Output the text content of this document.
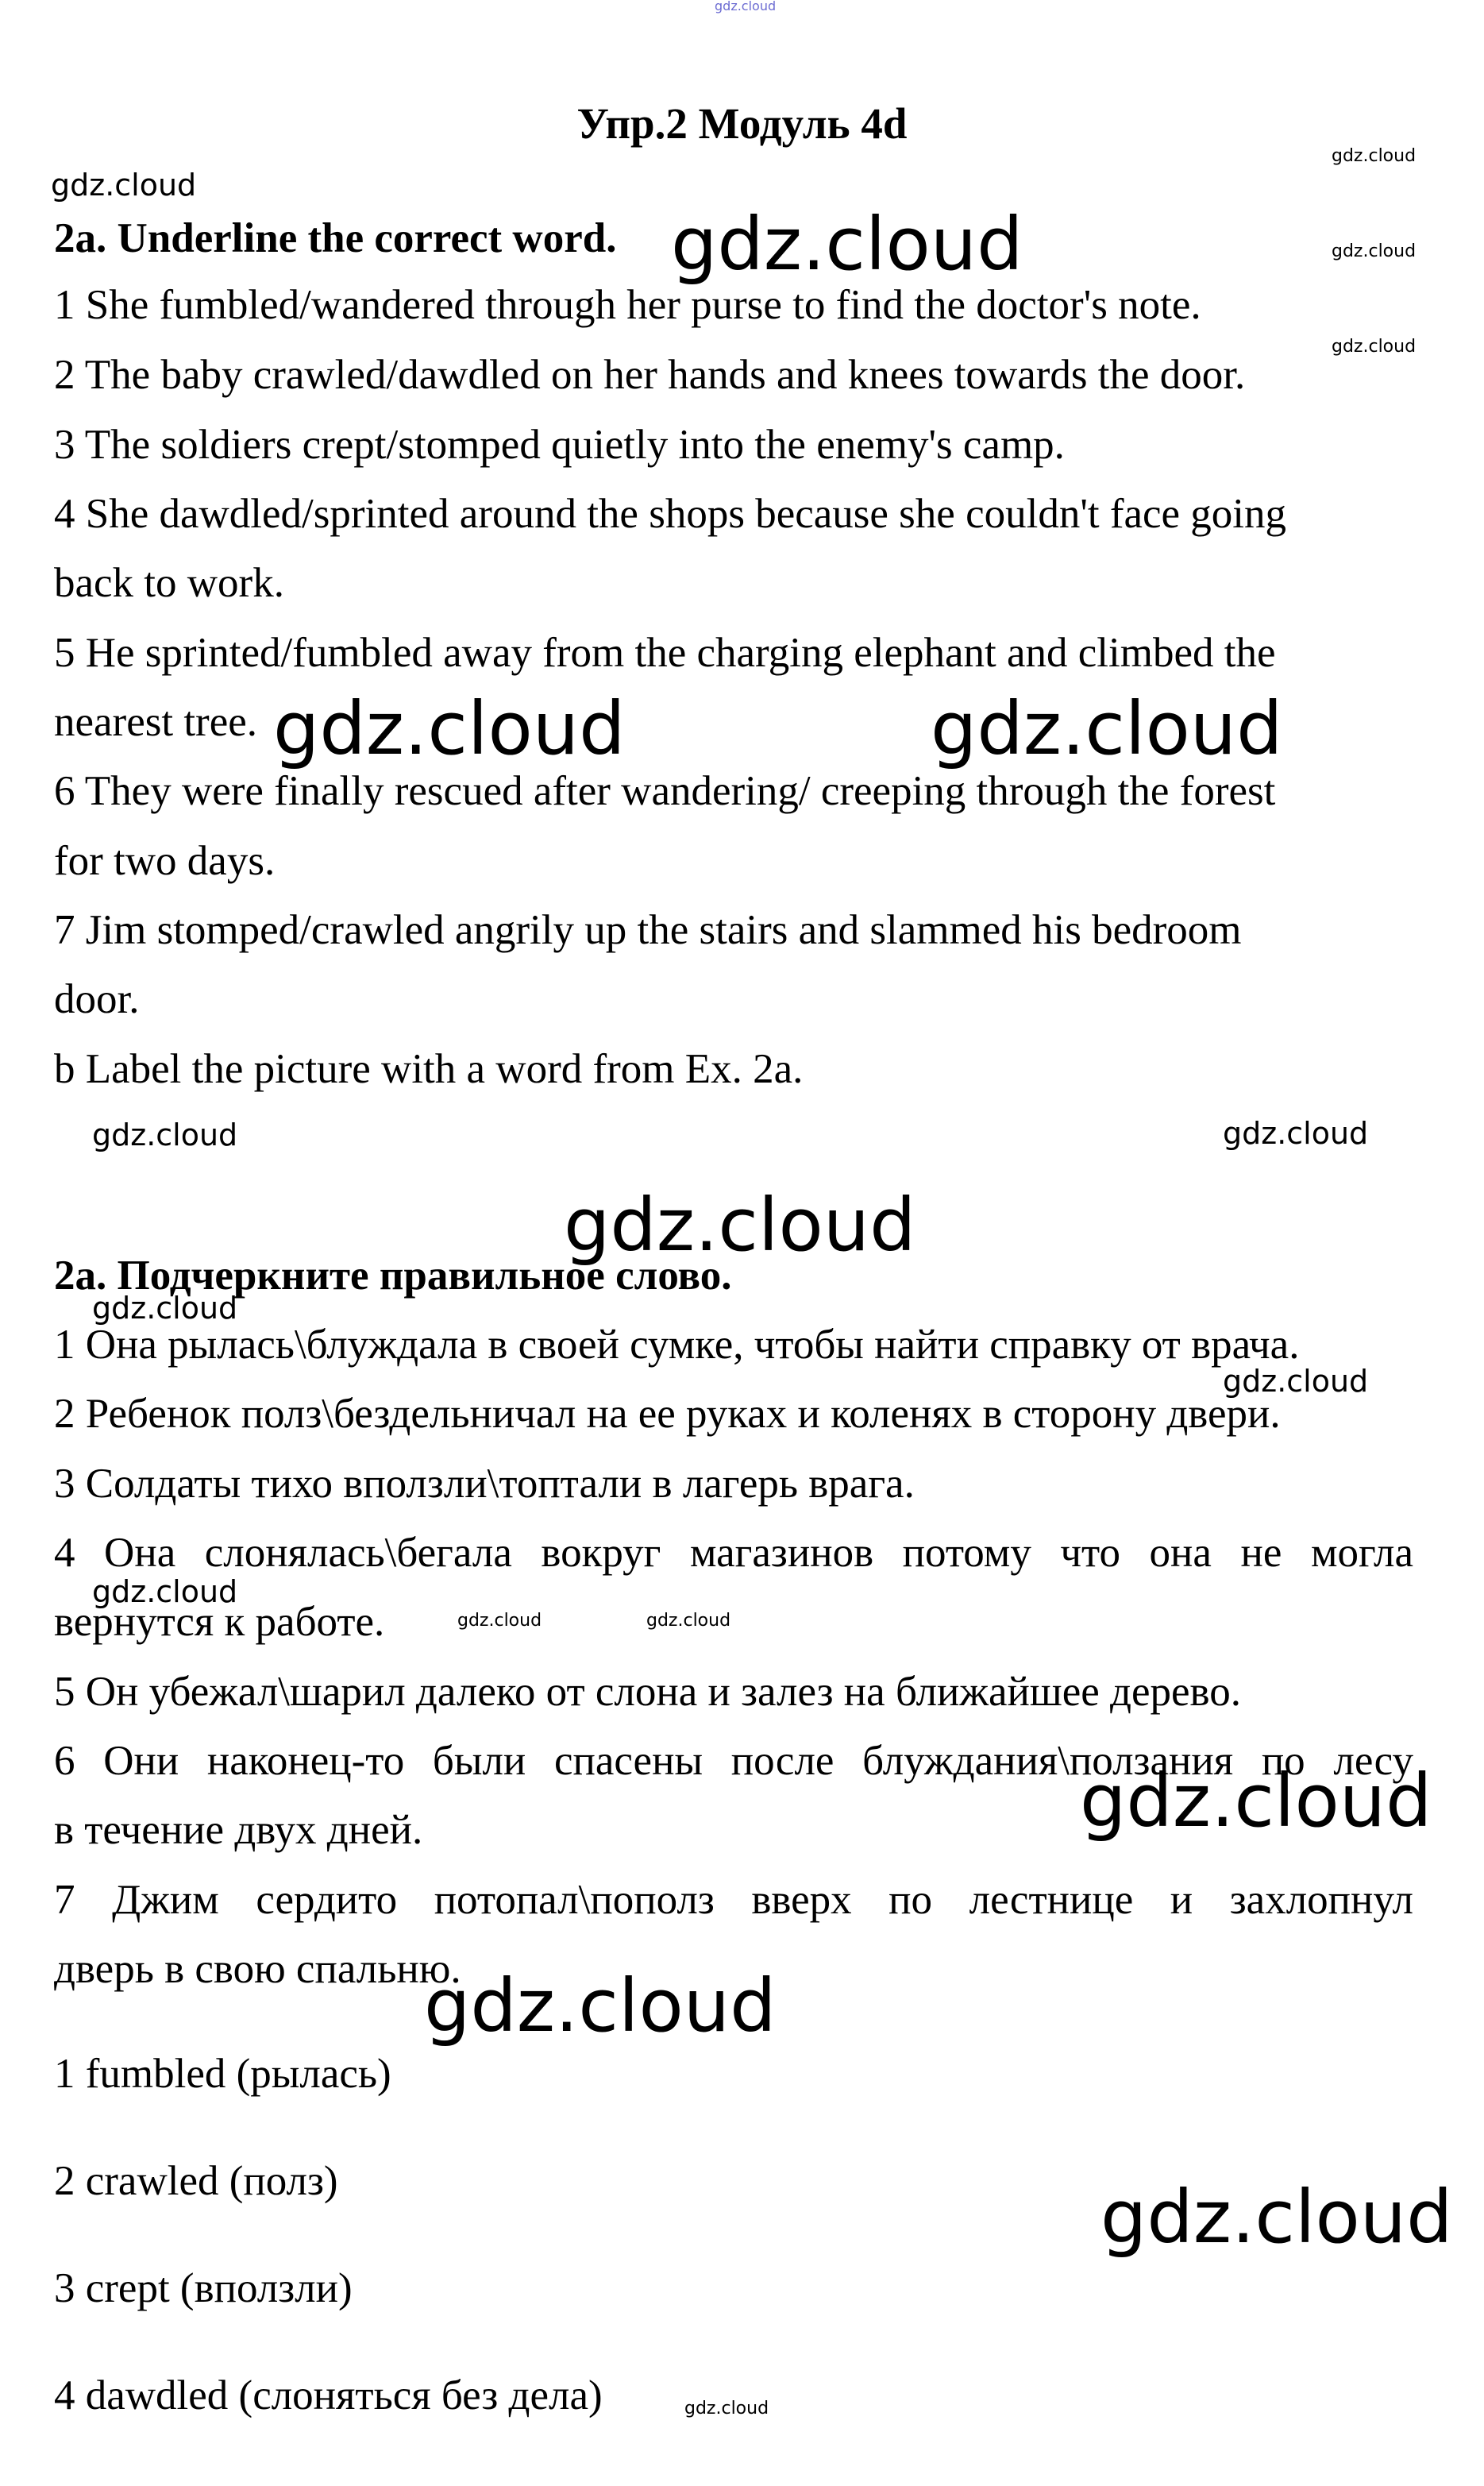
Упр.2 Модуль 4d
2a. Underline the correct word.
1 She fumbled/wandered through her purse to find the doctor's note.
2 The baby crawled/dawdled on her hands and knees towards the door.
3 The soldiers crept/stomped quietly into the enemy's camp.
4 She dawdled/sprinted around the shops because she couldn't face going
back to work.
5 He sprinted/fumbled away from the charging elephant and climbed the
nearest tree.
6 They were finally rescued after wandering/ creeping through the forest
for two days.
7 Jim stomped/crawled angrily up the stairs and slammed his bedroom
door.
b Label the picture with a word from Ex. 2a.
2а. Подчеркните правильное слово.
1 Она рылась\блуждала в своей сумке, чтобы найти справку от врача.
2 Ребенок полз\бездельничал на ее руках и коленях в сторону двери.
3 Солдаты тихо вползли\топтали в лагерь врага.
4 Она слонялась\бегала вокруг магазинов потому что она не могла
вернутся к работе.
5 Он убежал\шарил далеко от слона и залез на ближайшее дерево.
6 Они наконец-то были спасены после блуждания\ползания по лесу
в течение двух дней.
7 Джим сердито потопал\пополз вверх по лестнице и захлопнул
дверь в свою спальню.
1 fumbled (рылась)
2 crawled (полз)
3 crept (вползли)
4 dawdled (слоняться без дела)
gdz.cloud
gdz.cloud
gdz.cloud
gdz.cloud
gdz.cloud
gdz.cloud
gdz.cloud	gdz.cloud
gdz.cloud	gdz.cloud
gdz.cloud
gdz.cloud
gdz.cloud
gdz.cloud
gdz.cloud	gdz.cloud
gdz.cloud
gdz.cloud
gdz.cloud
gdz.cloud
